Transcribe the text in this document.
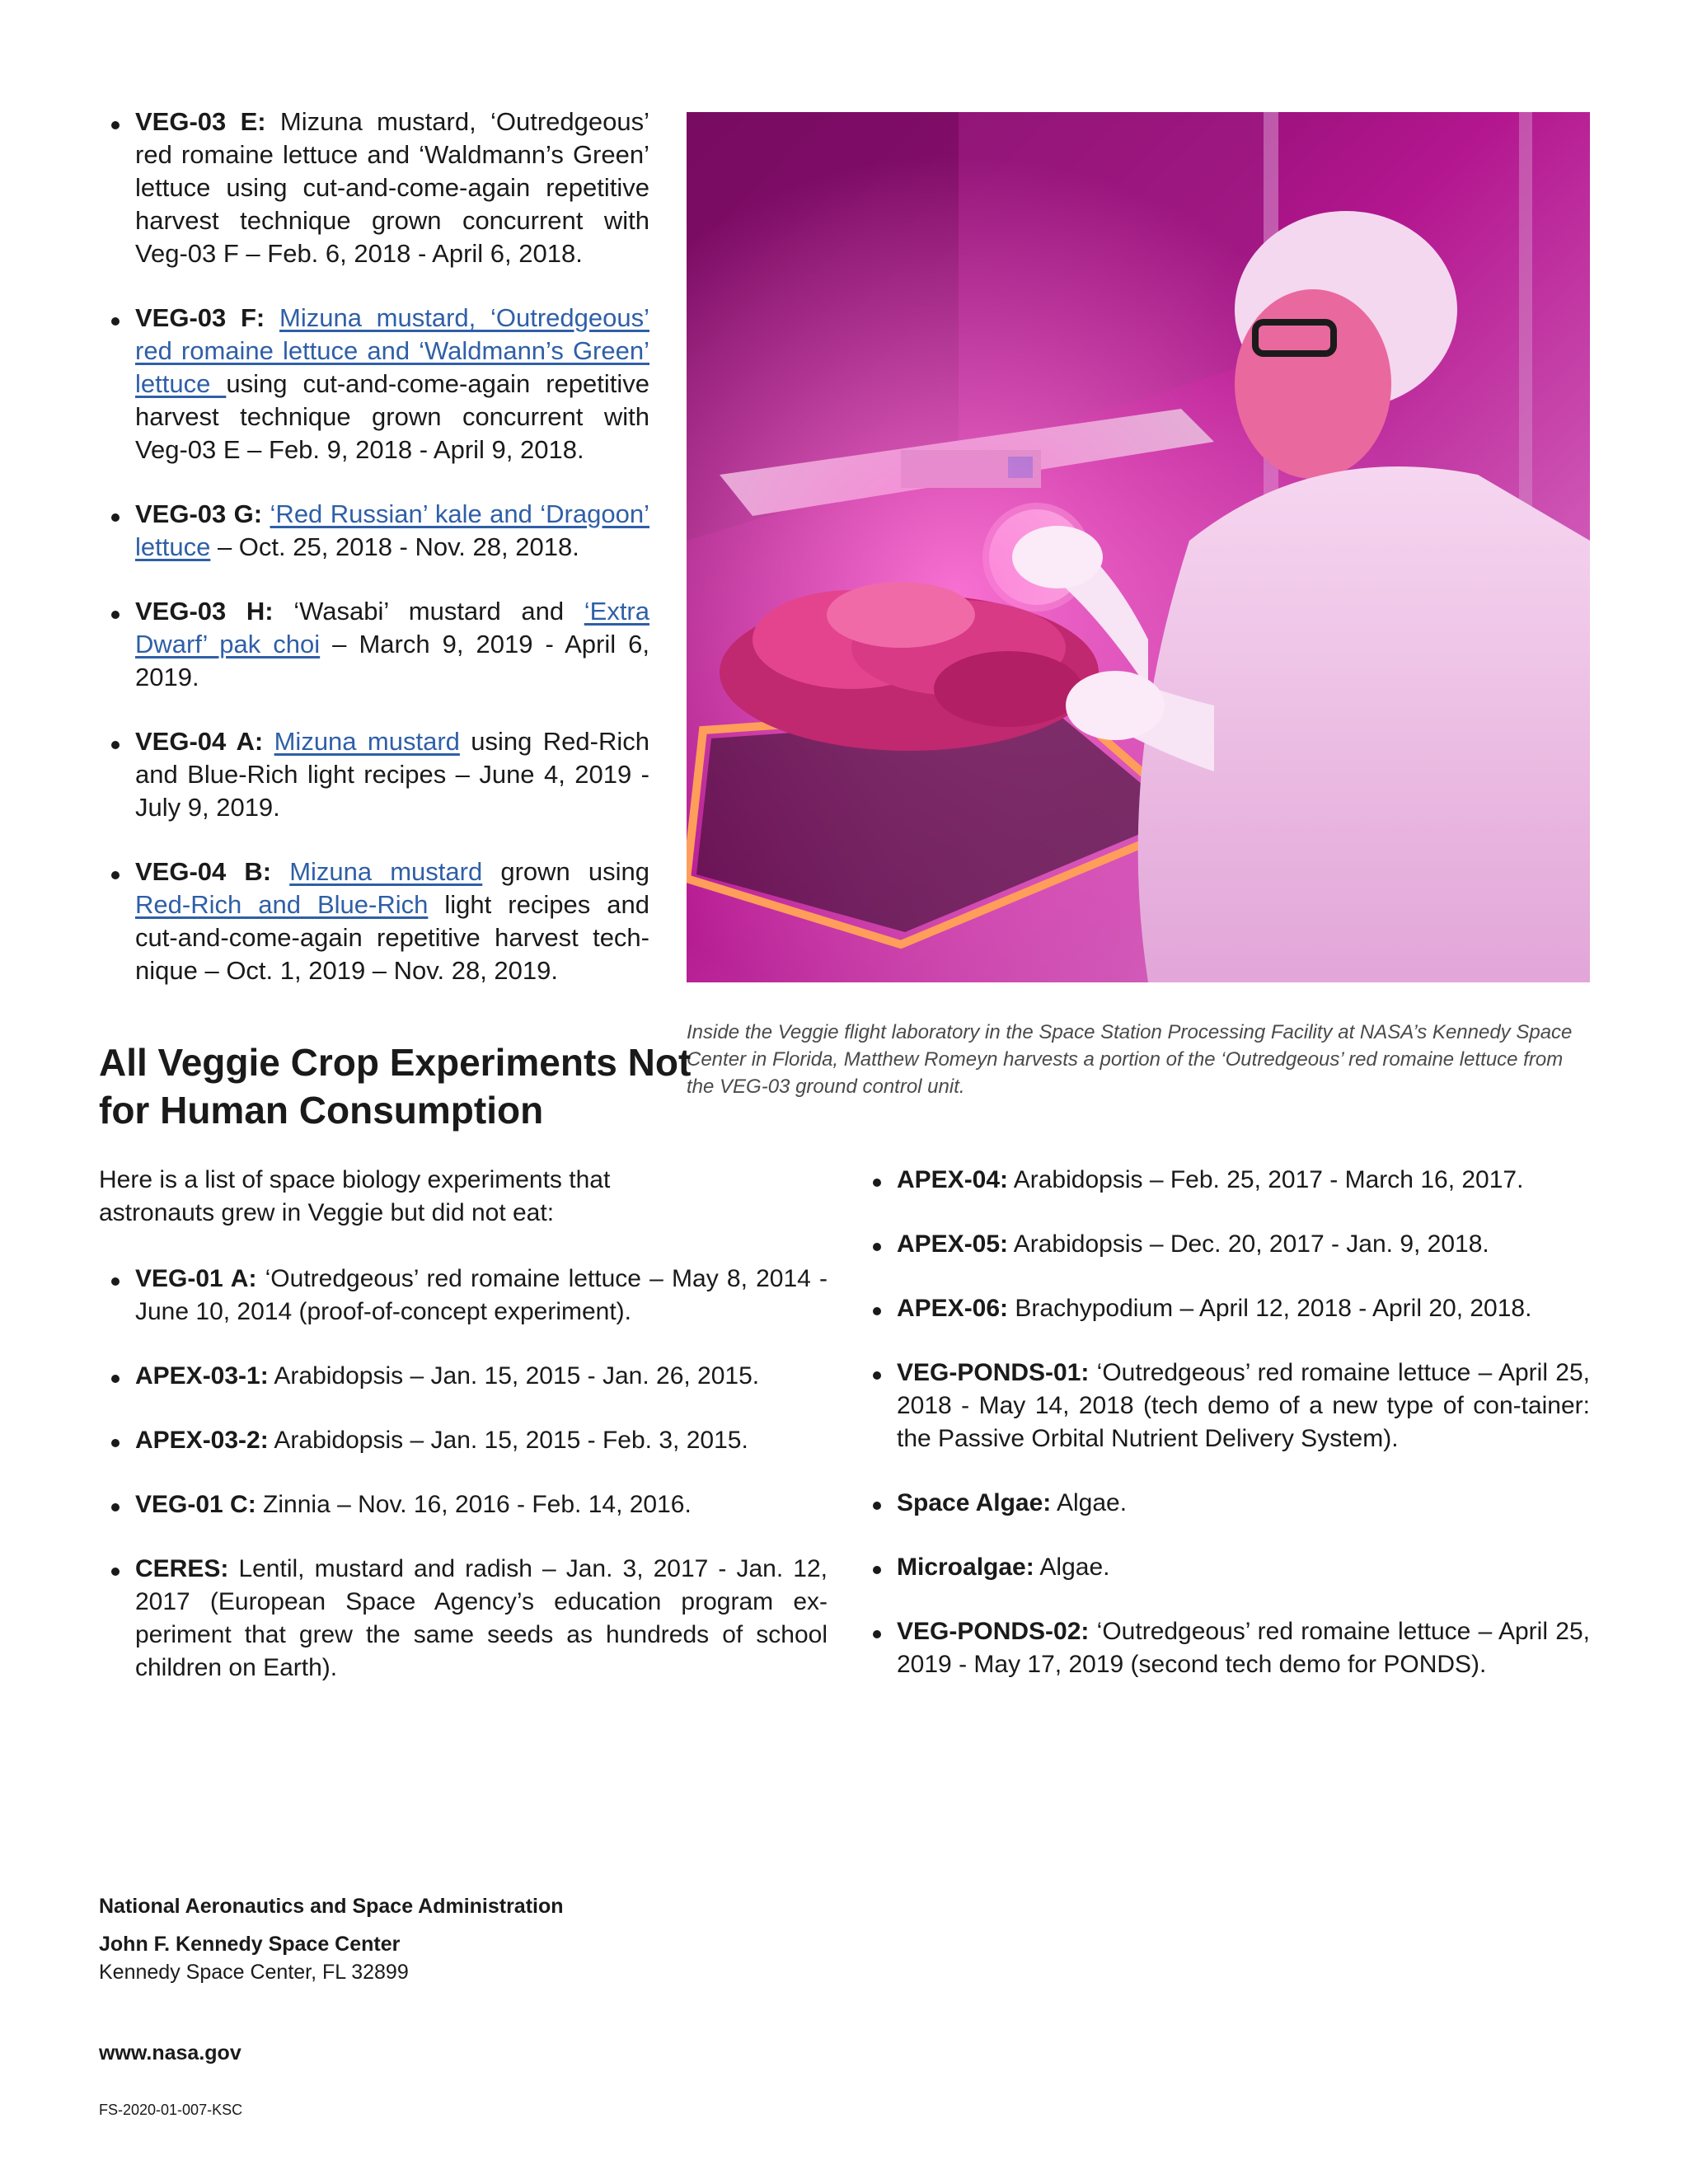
VEG-03 E: Mizuna mustard, ‘Outredgeous’ red romaine lettuce and ‘Waldmann’s Green’ lettuce using cut-and-come-again repetitive harvest technique grown concurrent with Veg-03 F – Feb. 6, 2018 - April 6, 2018.
VEG-03 F: Mizuna mustard, ‘Outredgeous’ red romaine lettuce and ‘Waldmann’s Green’ lettuce using cut-and-come-again repetitive harvest technique grown concurrent with Veg-03 E – Feb. 9, 2018 - April 9, 2018.
VEG-03 G: ‘Red Russian’ kale and ‘Dragoon’ lettuce – Oct. 25, 2018 - Nov. 28, 2018.
VEG-03 H: ‘Wasabi’ mustard and ‘Extra Dwarf’ pak choi – March 9, 2019 - April 6, 2019.
VEG-04 A: Mizuna mustard using Red-Rich and Blue-Rich light recipes – June 4, 2019 - July 9, 2019.
VEG-04 B: Mizuna mustard grown using Red-Rich and Blue-Rich light recipes and cut-and-come-again repetitive harvest tech-nique – Oct. 1, 2019 – Nov. 28, 2019.
Inside the Veggie flight laboratory in the Space Station Processing Facility at NASA’s Kennedy Space Center in Florida, Matthew Romeyn harvests a portion of the ‘Outredgeous’ red romaine lettuce from the VEG-03 ground control unit.
All Veggie Crop Experiments Not for Human Consumption
Here is a list of space biology experiments that astronauts grew in Veggie but did not eat:
VEG-01 A: ‘Outredgeous’ red romaine lettuce – May 8, 2014 - June 10, 2014 (proof-of-concept experiment).
APEX-03-1: Arabidopsis – Jan. 15, 2015 - Jan. 26, 2015.
APEX-03-2: Arabidopsis – Jan. 15, 2015 - Feb. 3, 2015.
VEG-01 C: Zinnia – Nov. 16, 2016 - Feb. 14, 2016.
CERES: Lentil, mustard and radish – Jan. 3, 2017 - Jan. 12, 2017 (European Space Agency’s education program ex-periment that grew the same seeds as hundreds of school children on Earth).
APEX-04: Arabidopsis – Feb. 25, 2017 - March 16, 2017.
APEX-05: Arabidopsis – Dec. 20, 2017 - Jan. 9, 2018.
APEX-06: Brachypodium – April 12, 2018 - April 20, 2018.
VEG-PONDS-01: ‘Outredgeous’ red romaine lettuce – April 25, 2018 - May 14, 2018 (tech demo of a new type of con-tainer: the Passive Orbital Nutrient Delivery System).
Space Algae: Algae.
Microalgae: Algae.
VEG-PONDS-02: ‘Outredgeous’ red romaine lettuce – April 25, 2019 - May 17, 2019 (second tech demo for PONDS).
National Aeronautics and Space Administration
John F. Kennedy Space Center
Kennedy Space Center, FL 32899
www.nasa.gov
FS-2020-01-007-KSC
